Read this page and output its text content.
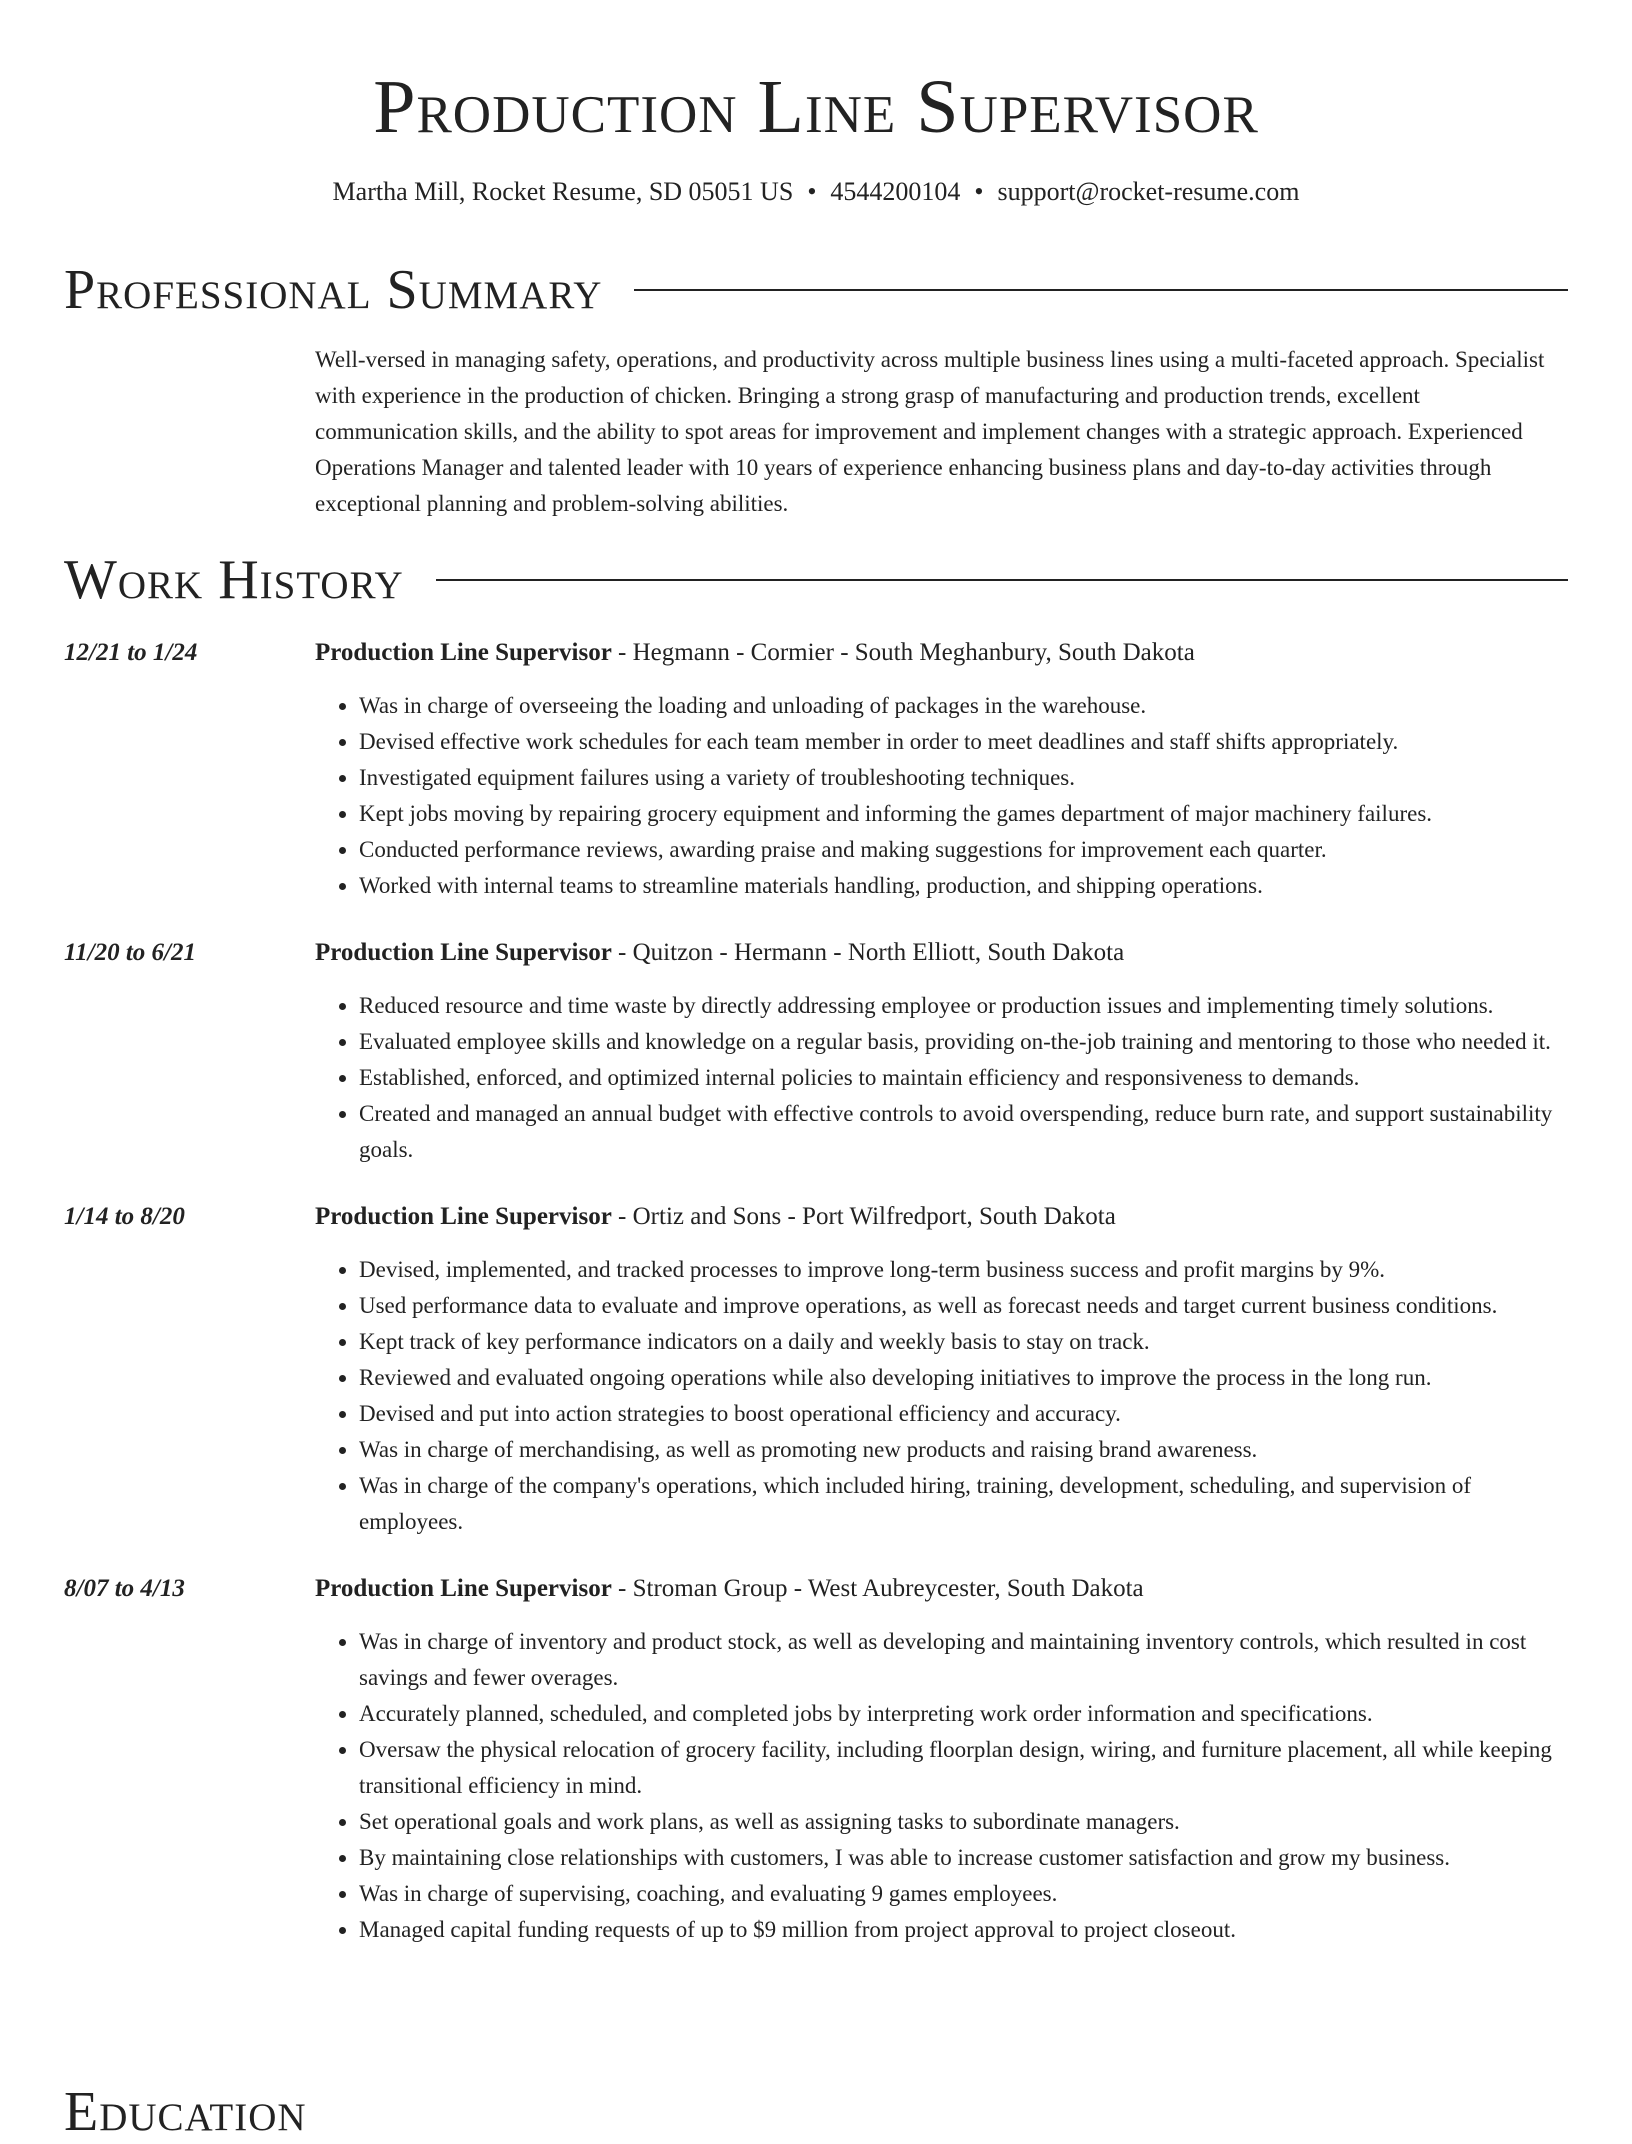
Production Line Supervisor
Martha Mill, Rocket Resume, SD 05051 US • 4544200104 • support@rocket-resume.com
Professional Summary

Well-versed in managing safety, operations, and productivity across multiple business lines using a multi-faceted approach. Specialist with experience in the production of chicken. Bringing a strong grasp of manufacturing and production trends, excellent communication skills, and the ability to spot areas for improvement and implement changes with a strategic approach. Experienced Operations Manager and talented leader with 10 years of experience enhancing business plans and day-to-day activities through exceptional planning and problem-solving abilities.

Work History
12/21 to 1/24	Production Line Supervisor - Hegmann - Cormier - South Meghanbury, South Dakota
• Was in charge of overseeing the loading and unloading of packages in the warehouse.
• Devised effective work schedules for each team member in order to meet deadlines and staff shifts appropriately.
• Investigated equipment failures using a variety of troubleshooting techniques.
• Kept jobs moving by repairing grocery equipment and informing the games department of major machinery failures.
• Conducted performance reviews, awarding praise and making suggestions for improvement each quarter.
• Worked with internal teams to streamline materials handling, production, and shipping operations.
11/20 to 6/21	Production Line Supervisor - Quitzon - Hermann - North Elliott, South Dakota
• Reduced resource and time waste by directly addressing employee or production issues and implementing timely solutions.
• Evaluated employee skills and knowledge on a regular basis, providing on-the-job training and mentoring to those who needed it.
• Established, enforced, and optimized internal policies to maintain efficiency and responsiveness to demands.
• Created and managed an annual budget with effective controls to avoid overspending, reduce burn rate, and support sustainability goals.
1/14 to 8/20	Production Line Supervisor - Ortiz and Sons - Port Wilfredport, South Dakota
• Devised, implemented, and tracked processes to improve long-term business success and profit margins by 9%.
• Used performance data to evaluate and improve operations, as well as forecast needs and target current business conditions.
• Kept track of key performance indicators on a daily and weekly basis to stay on track.
• Reviewed and evaluated ongoing operations while also developing initiatives to improve the process in the long run.
• Devised and put into action strategies to boost operational efficiency and accuracy.
• Was in charge of merchandising, as well as promoting new products and raising brand awareness.
• Was in charge of the company's operations, which included hiring, training, development, scheduling, and supervision of employees.
8/07 to 4/13	Production Line Supervisor - Stroman Group - West Aubreycester, South Dakota
• Was in charge of inventory and product stock, as well as developing and maintaining inventory controls, which resulted in cost savings and fewer overages.
• Accurately planned, scheduled, and completed jobs by interpreting work order information and specifications.
• Oversaw the physical relocation of grocery facility, including floorplan design, wiring, and furniture placement, all while keeping transitional efficiency in mind.
• Set operational goals and work plans, as well as assigning tasks to subordinate managers.
• By maintaining close relationships with customers, I was able to increase customer satisfaction and grow my business.
• Was in charge of supervising, coaching, and evaluating 9 games employees.
• Managed capital funding requests of up to $9 million from project approval to project closeout.
Education
